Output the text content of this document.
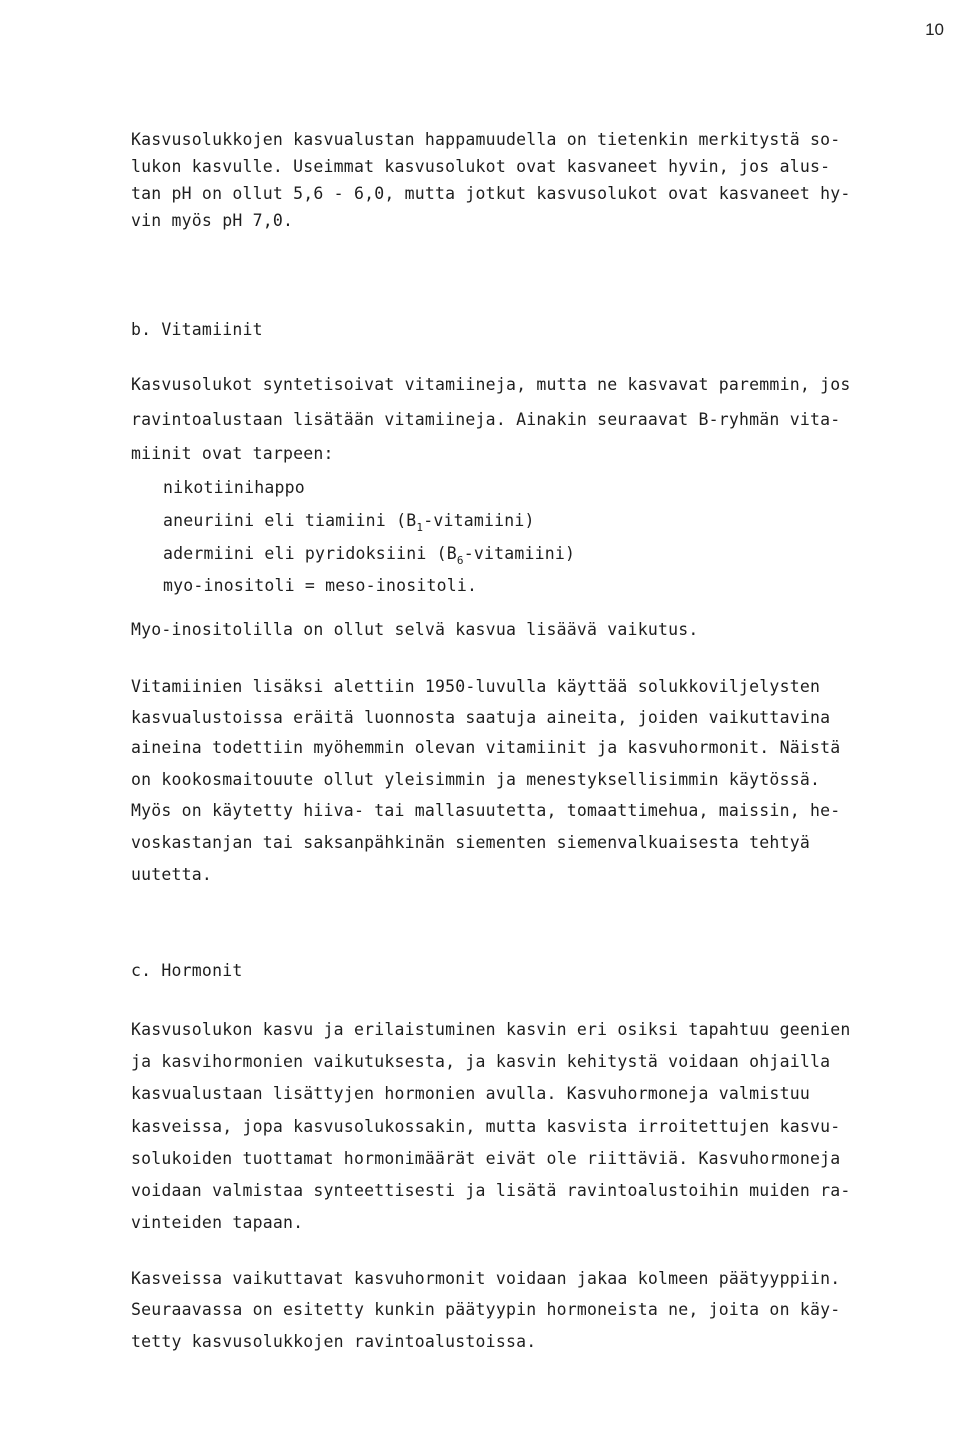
10
Kasvusolukkojen kasvualustan happamuudella on tietenkin merkitystä so-
lukon kasvulle. Useimmat kasvusolukot ovat kasvaneet hyvin, jos alus-
tan pH on ollut 5,6 - 6,0, mutta jotkut kasvusolukot ovat kasvaneet hy-
vin myös pH 7,0.
b. Vitamiinit
Kasvusolukot syntetisoivat vitamiineja, mutta ne kasvavat paremmin, jos
ravintoalustaan lisätään vitamiineja. Ainakin seuraavat B-ryhmän vita-
miinit ovat tarpeen:
nikotiinihappo
aneuriini eli tiamiini $(B_1-vitamiini)$
adermiini eli pyridoksiini $(B_6-vitamiini)$
myo-inositoli = meso-inositoli.
Myo-inositolilla on ollut selvä kasvua lisäävä vaikutus.
Vitamiinien lisäksi alettiin 1950-luvulla käyttää solukkoviljelysten
kasvualustoissa eräitä luonnosta saatuja aineita, joiden vaikuttavina
aineina todettiin myöhemmin olevan vitamiinit ja kasvuhormonit. Näistä
on kookosmaitouute ollut yleisimmin ja menestyksellisimmin käytössä.
Myös on käytetty hiiva- tai mallasuutetta, tomaattimehua, maissin, he-
voskastanjan tai saksanpähkinän siementen siemenvalkuaisesta tehtyä
uutetta.
c. Hormonit
Kasvusolukon kasvu ja erilaistuminen kasvin eri osiksi tapahtuu geenien
ja kasvihormonien vaikutuksesta, ja kasvin kehitystä voidaan ohjailla
kasvualustaan lisättyjen hormonien avulla. Kasvuhormoneja valmistuu
kasveissa, jopa kasvusolukossakin, mutta kasvista irroitettujen kasvu-
solukoiden tuottamat hormonimäärät eivät ole riittäviä. Kasvuhormoneja
voidaan valmistaa synteettisesti ja lisätä ravintoalustoihin muiden ra-
vinteiden tapaan.
Kasveissa vaikuttavat kasvuhormonit voidaan jakaa kolmeen päätyyppiin.
Seuraavassa on esitetty kunkin päätyypin hormoneista ne, joita on käy-
tetty kasvusolukkojen ravintoalustoissa.
